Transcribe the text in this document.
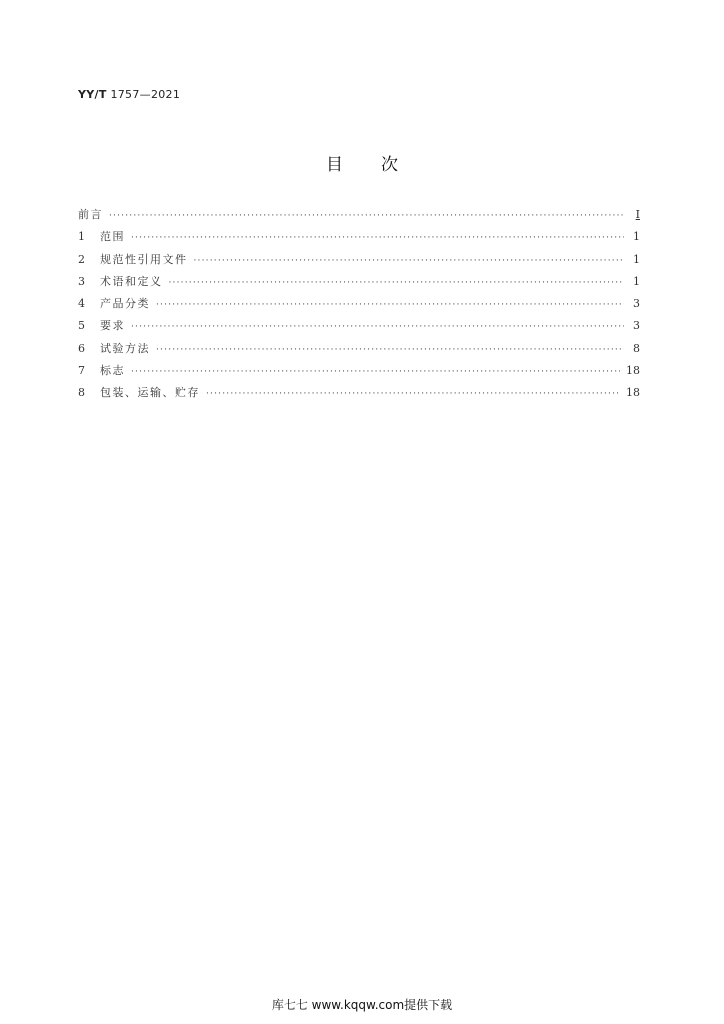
YY/T 1757—2021
目次
前言 ·····	I
1	范围 ·····	1
2	规范性引用文件 ·····	1
3	术语和定义 ·····	1
4	产品分类 ·····	3
5	要求 ·····	3
6	试验方法 ·····	8
7	标志 ·····	18
8	包装、运输、贮存 ·····	18
库七七 www.kqqw.com提供下载
